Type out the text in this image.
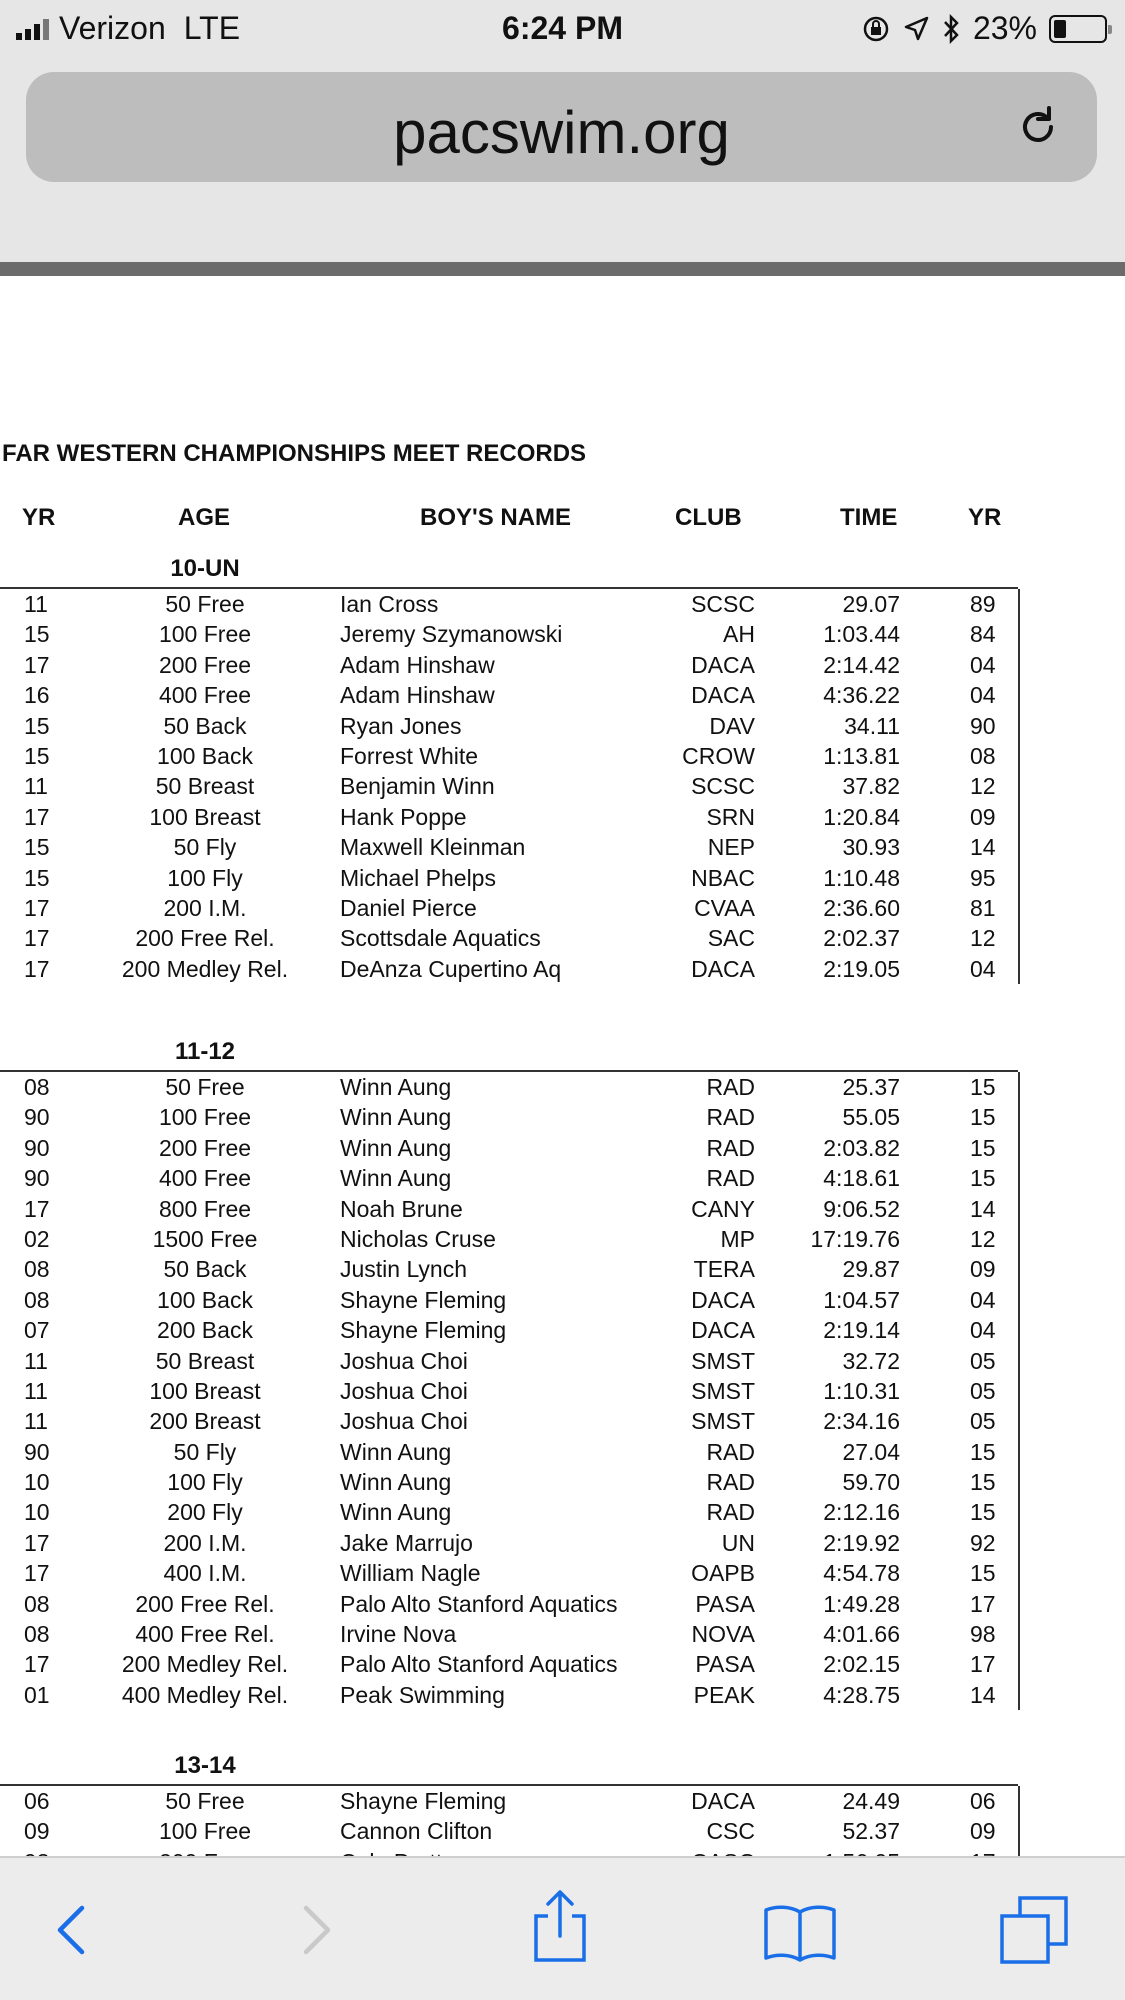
Verizon LTE	6:24 PM	23%
pacswim.org
FAR WESTERN CHAMPIONSHIPS MEET RECORDS
YR	AGE	BOY'S NAME	CLUB	TIME	YR
10-UN
11	50 Free	Ian Cross	SCSC	29.07	89
15	100 Free	Jeremy Szymanowski	AH	1:03.44	84
17	200 Free	Adam Hinshaw	DACA	2:14.42	04
16	400 Free	Adam Hinshaw	DACA	4:36.22	04
15	50 Back	Ryan Jones	DAV	34.11	90
15	100 Back	Forrest White	CROW	1:13.81	08
11	50 Breast	Benjamin Winn	SCSC	37.82	12
17	100 Breast	Hank Poppe	SRN	1:20.84	09
15	50 Fly	Maxwell Kleinman	NEP	30.93	14
15	100 Fly	Michael Phelps	NBAC	1:10.48	95
17	200 I.M.	Daniel Pierce	CVAA	2:36.60	81
17	200 Free Rel.	Scottsdale Aquatics	SAC	2:02.37	12
17	200 Medley Rel.	DeAnza Cupertino Aq	DACA	2:19.05	04
11-12
08	50 Free	Winn Aung	RAD	25.37	15
90	100 Free	Winn Aung	RAD	55.05	15
90	200 Free	Winn Aung	RAD	2:03.82	15
90	400 Free	Winn Aung	RAD	4:18.61	15
17	800 Free	Noah Brune	CANY	9:06.52	14
02	1500 Free	Nicholas Cruse	MP	17:19.76	12
08	50 Back	Justin Lynch	TERA	29.87	09
08	100 Back	Shayne Fleming	DACA	1:04.57	04
07	200 Back	Shayne Fleming	DACA	2:19.14	04
11	50 Breast	Joshua Choi	SMST	32.72	05
11	100 Breast	Joshua Choi	SMST	1:10.31	05
11	200 Breast	Joshua Choi	SMST	2:34.16	05
90	50 Fly	Winn Aung	RAD	27.04	15
10	100 Fly	Winn Aung	RAD	59.70	15
10	200 Fly	Winn Aung	RAD	2:12.16	15
17	200 I.M.	Jake Marrujo	UN	2:19.92	92
17	400 I.M.	William Nagle	OAPB	4:54.78	15
08	200 Free Rel.	Palo Alto Stanford Aquatics	PASA	1:49.28	17
08	400 Free Rel.	Irvine Nova	NOVA	4:01.66	98
17	200 Medley Rel.	Palo Alto Stanford Aquatics	PASA	2:02.15	17
01	400 Medley Rel.	Peak Swimming	PEAK	4:28.75	14
13-14
06	50 Free	Shayne Fleming	DACA	24.49	06
09	100 Free	Cannon Clifton	CSC	52.37	09
